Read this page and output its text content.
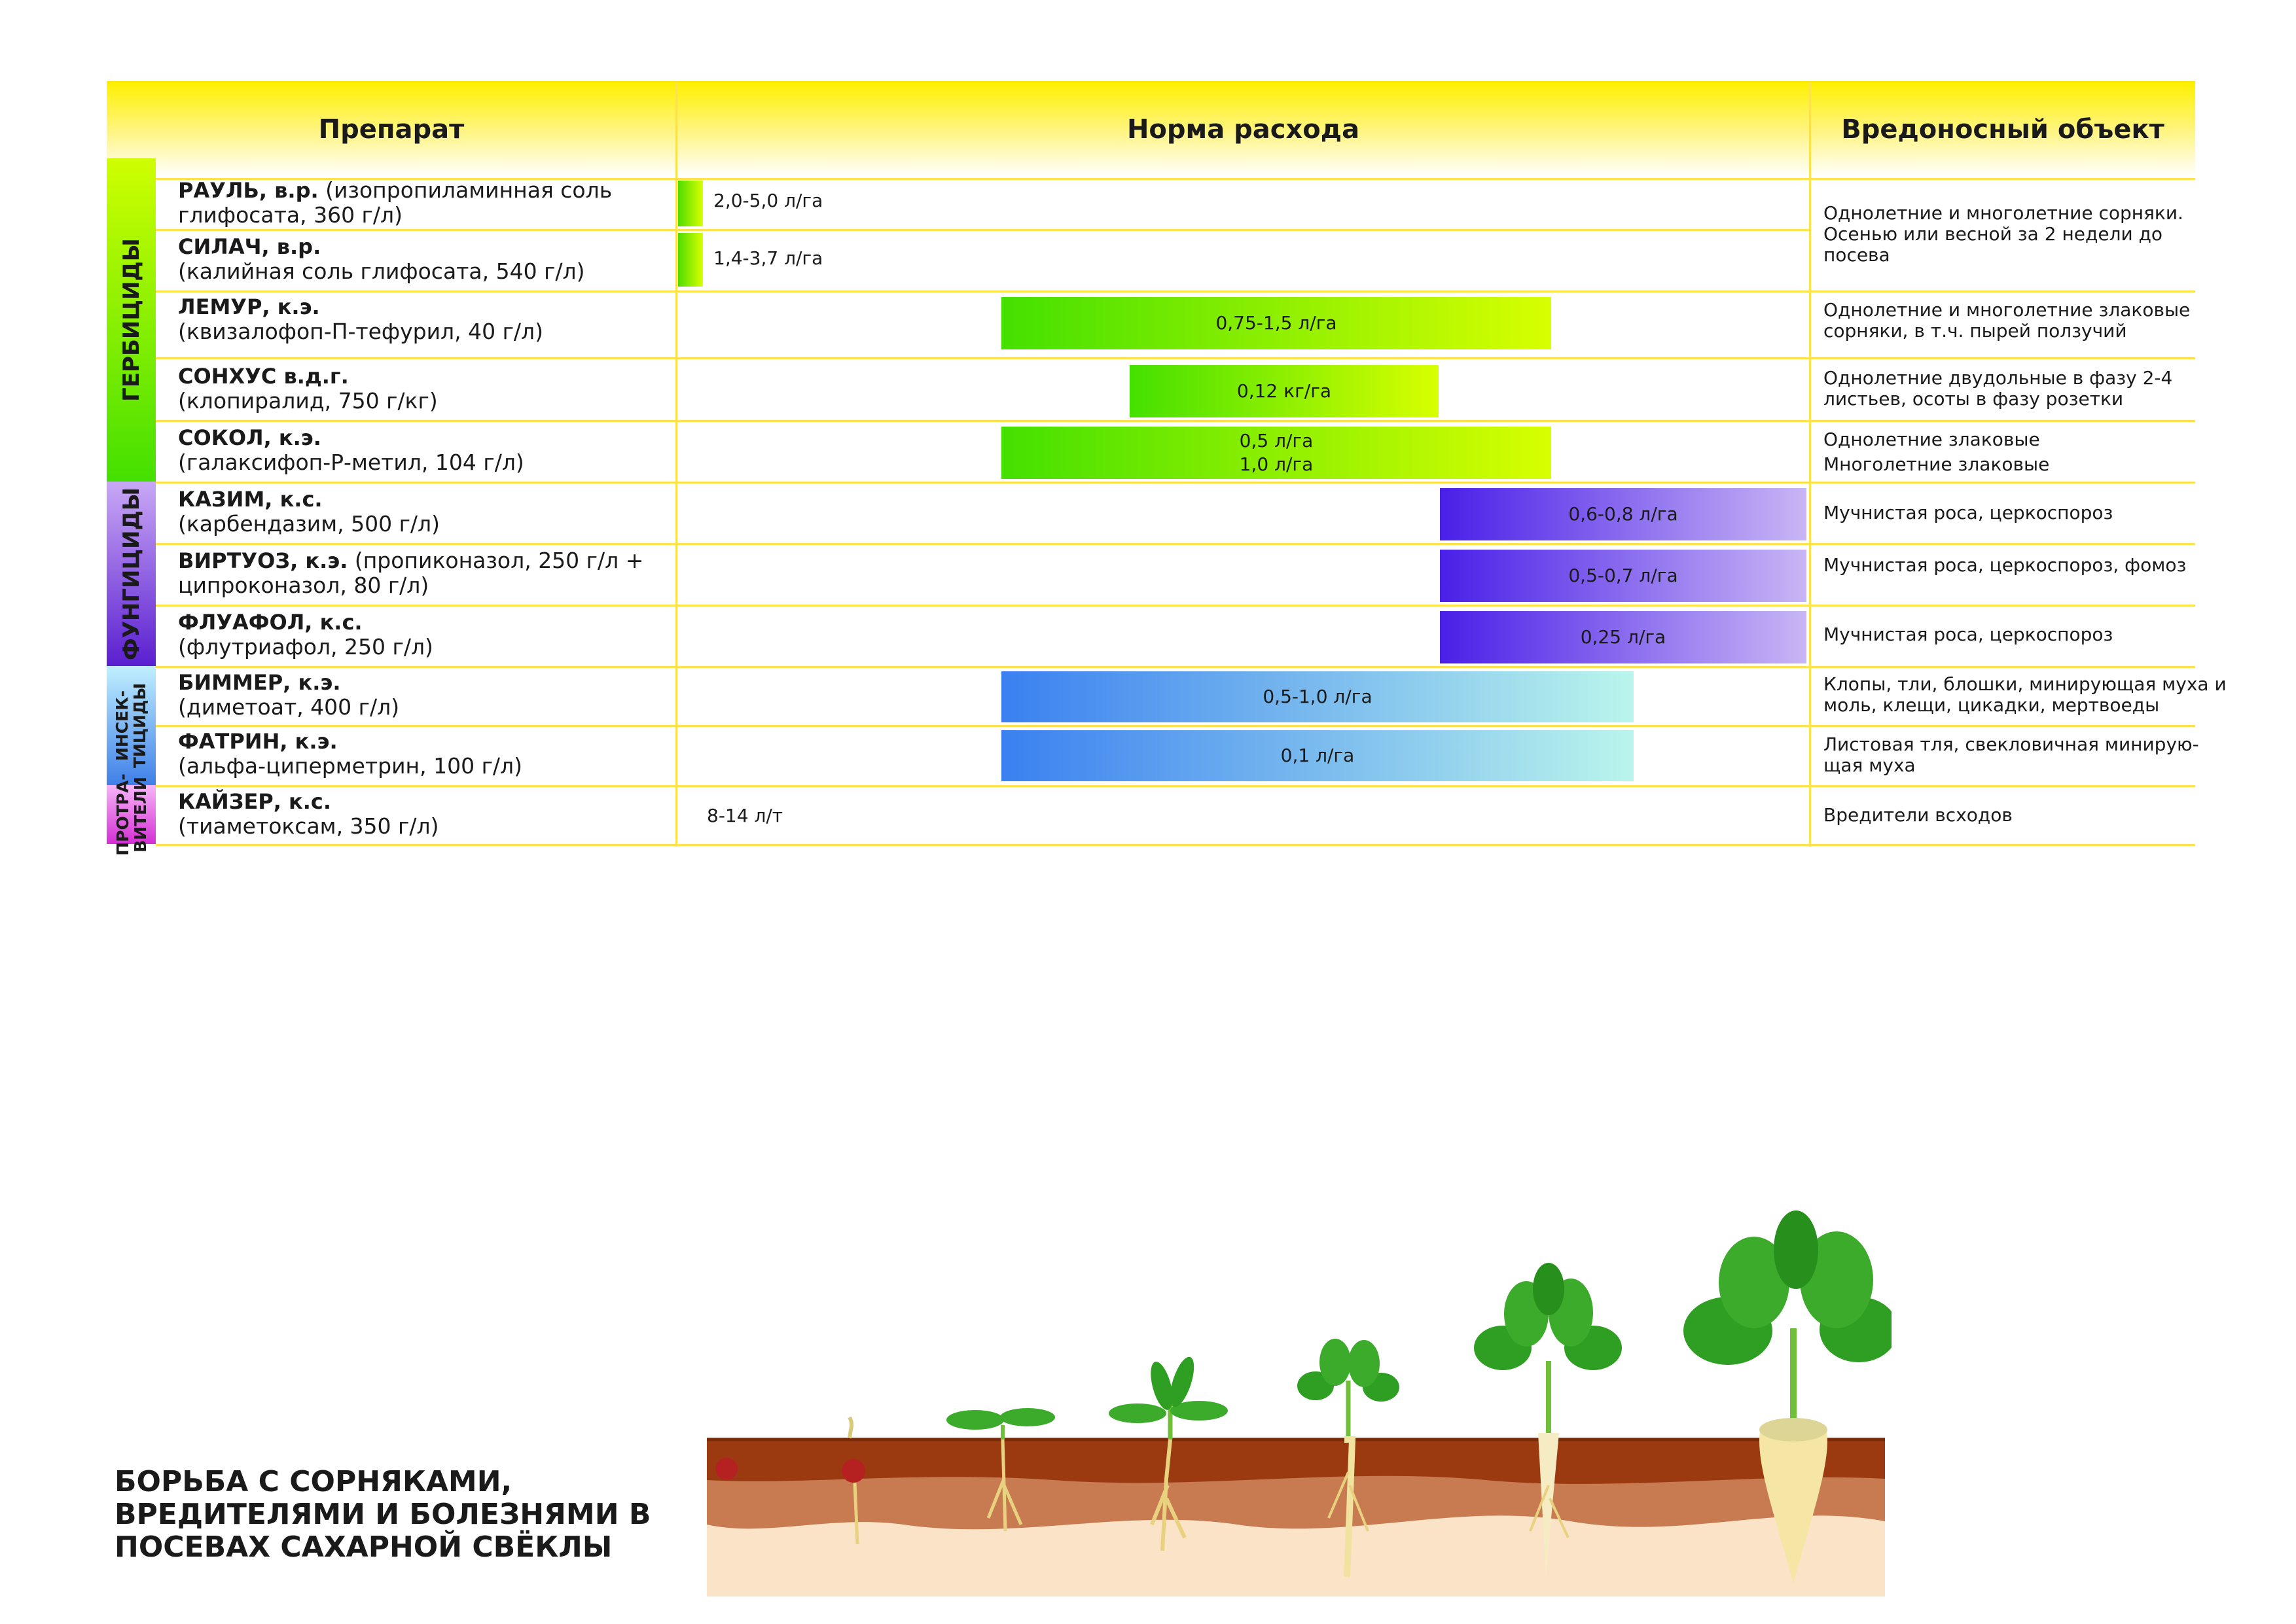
Препарат	Норма расхода	Вредоносный объект
ГЕРБИЦИДЫ
ФУНГИЦИДЫ
ИНСЕК-
ТИЦИДЫ
ПРОТРА-
ВИТЕЛИ
РАУЛЬ, в.р. (изопропиламинная соль глифосата, 360 г/л)
СИЛАЧ, в.р.
(калийная соль глифосата, 540 г/л)
ЛЕМУР, к.э.
(квизалофоп-П-тефурил, 40 г/л)
СОНХУС в.д.г.
(клопиралид, 750 г/кг)
СОКОЛ, к.э.
(галаксифоп-Р-метил, 104 г/л)
КАЗИМ, к.с.
(карбендазим, 500 г/л)
ВИРТУОЗ, к.э. (пропиконазол, 250 г/л + ципроконазол, 80 г/л)
ФЛУАФОЛ, к.с.
(флутриафол, 250 г/л)
БИММЕР, к.э.
(диметоат, 400 г/л)
ФАТРИН, к.э.
(альфа-циперметрин, 100 г/л)
КАЙЗЕР, к.с.
(тиаметоксам, 350 г/л)
2,0-5,0 л/га
1,4-3,7 л/га
0,75-1,5 л/га
0,12 кг/га
0,5 л/га
1,0 л/га
0,6-0,8 л/га
0,5-0,7 л/га
0,25 л/га
0,5-1,0 л/га
0,1 л/га
8-14 л/т
Однолетние и многолетние сорняки. Осенью или весной за 2 недели до посева
Однолетние и многолетние злаковые сорняки, в т.ч. пырей ползучий
Однолетние двудольные в фазу 2-4 листьев, осоты в фазу розетки
Однолетние злаковые
Многолетние злаковые
Мучнистая роса, церкоспороз
Мучнистая роса, церкоспороз, фомоз
Мучнистая роса, церкоспороз
Клопы, тли, блошки, минирующая муха и моль, клещи, цикадки, мертвоеды
Листовая тля, свекловичная минирую-щая муха
Вредители всходов
БОРЬБА С СОРНЯКАМИ, ВРЕДИТЕЛЯМИ И БОЛЕЗНЯМИ В ПОСЕВАХ САХАРНОЙ СВЁКЛЫ
